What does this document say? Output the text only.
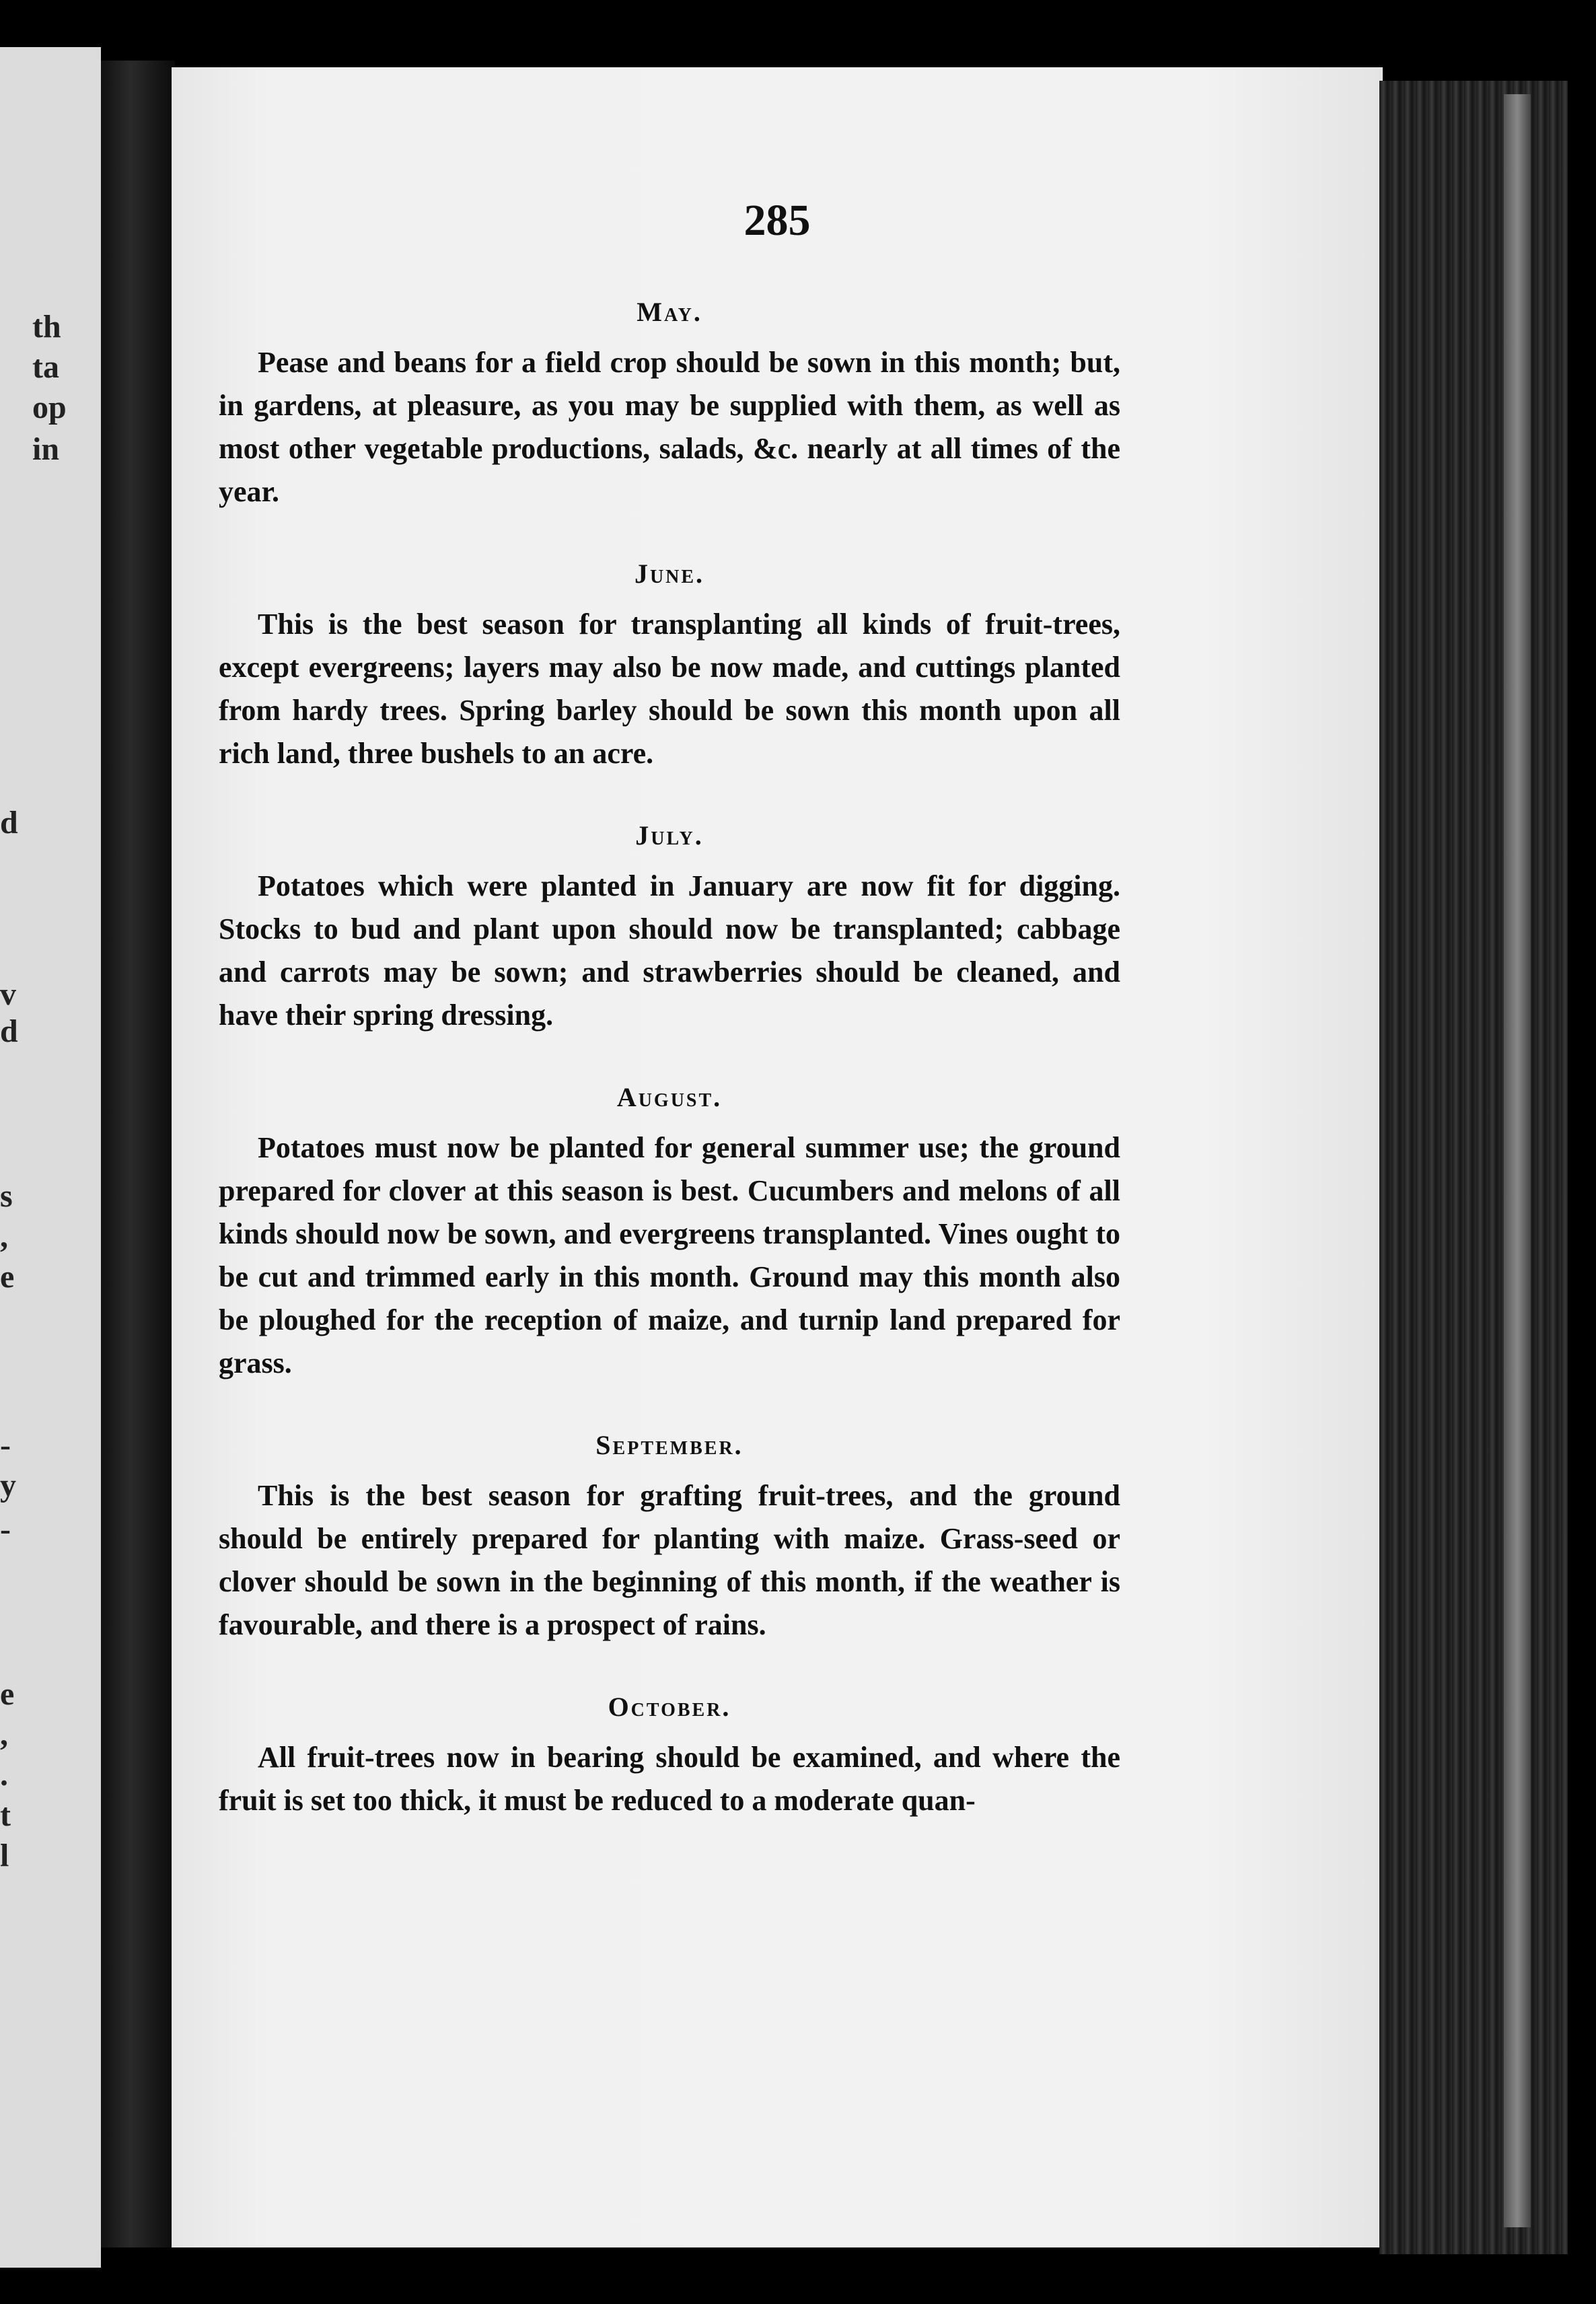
th
ta
op
in
d
v
d
s
,
e
-
y
-
e
,
.
t
l
285
May.

Pease and beans for a field crop should be sown in this month; but, in gardens, at pleasure, as you may be supplied with them, as well as most other vegetable productions, salads, &c. nearly at all times of the year.

June.

This is the best season for transplanting all kinds of fruit-trees, except evergreens; layers may also be now made, and cuttings planted from hardy trees. Spring barley should be sown this month upon all rich land, three bushels to an acre.

July.

Potatoes which were planted in January are now fit for digging. Stocks to bud and plant upon should now be transplanted; cabbage and carrots may be sown; and strawberries should be cleaned, and have their spring dressing.

August.

Potatoes must now be planted for general summer use; the ground prepared for clover at this season is best. Cucumbers and melons of all kinds should now be sown, and evergreens transplanted. Vines ought to be cut and trimmed early in this month. Ground may this month also be ploughed for the reception of maize, and turnip land prepared for grass.

September.

This is the best season for grafting fruit-trees, and the ground should be entirely prepared for planting with maize. Grass-seed or clover should be sown in the beginning of this month, if the weather is favourable, and there is a prospect of rains.

October.

All fruit-trees now in bearing should be examined, and where the fruit is set too thick, it must be reduced to a moderate quan-
